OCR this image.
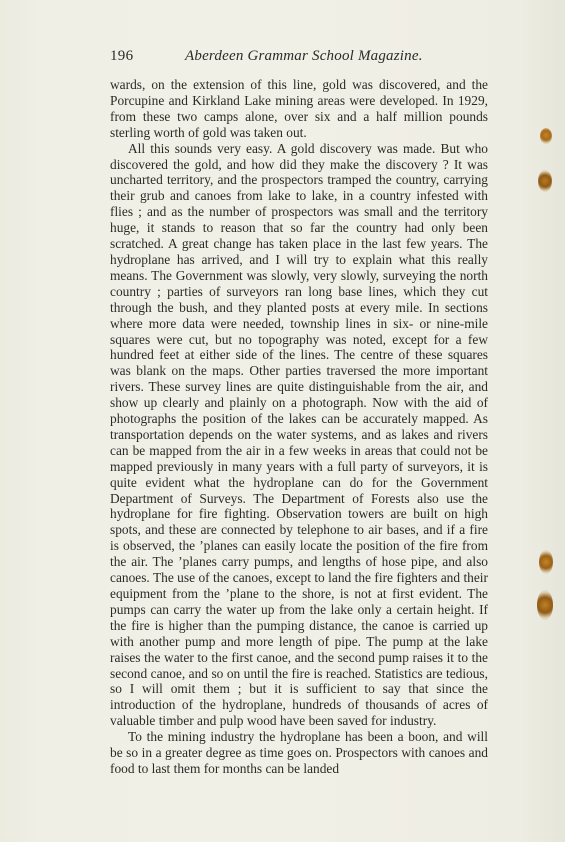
196	Aberdeen Grammar School Magazine.

wards, on the extension of this line, gold was discovered, and the Porcupine and Kirkland Lake mining areas were developed. In 1929, from these two camps alone, over six and a half million pounds sterling worth of gold was taken out.

All this sounds very easy. A gold discovery was made. But who discovered the gold, and how did they make the discovery ? It was uncharted territory, and the prospectors tramped the country, carrying their grub and canoes from lake to lake, in a country infested with flies ; and as the number of prospectors was small and the territory huge, it stands to reason that so far the country had only been scratched. A great change has taken place in the last few years. The hydroplane has arrived, and I will try to explain what this really means. The Government was slowly, very slowly, surveying the north country ; parties of surveyors ran long base lines, which they cut through the bush, and they planted posts at every mile. In sections where more data were needed, township lines in six- or nine-mile squares were cut, but no topography was noted, except for a few hundred feet at either side of the lines. The centre of these squares was blank on the maps. Other parties traversed the more important rivers. These survey lines are quite distinguishable from the air, and show up clearly and plainly on a photograph. Now with the aid of photographs the position of the lakes can be accurately mapped. As transportation depends on the water systems, and as lakes and rivers can be mapped from the air in a few weeks in areas that could not be mapped previously in many years with a full party of surveyors, it is quite evident what the hydroplane can do for the Government Department of Surveys. The Department of Forests also use the hydroplane for fire fighting. Observation towers are built on high spots, and these are connected by telephone to air bases, and if a fire is observed, the ’planes can easily locate the position of the fire from the air. The ’planes carry pumps, and lengths of hose pipe, and also canoes. The use of the canoes, except to land the fire fighters and their equipment from the ’plane to the shore, is not at first evident. The pumps can carry the water up from the lake only a certain height. If the fire is higher than the pumping distance, the canoe is carried up with another pump and more length of pipe. The pump at the lake raises the water to the first canoe, and the second pump raises it to the second canoe, and so on until the fire is reached. Statistics are tedious, so I will omit them ; but it is sufficient to say that since the introduction of the hydroplane, hundreds of thousands of acres of valuable timber and pulp wood have been saved for industry.

To the mining industry the hydroplane has been a boon, and will be so in a greater degree as time goes on. Prospectors with canoes and food to last them for months can be landed
